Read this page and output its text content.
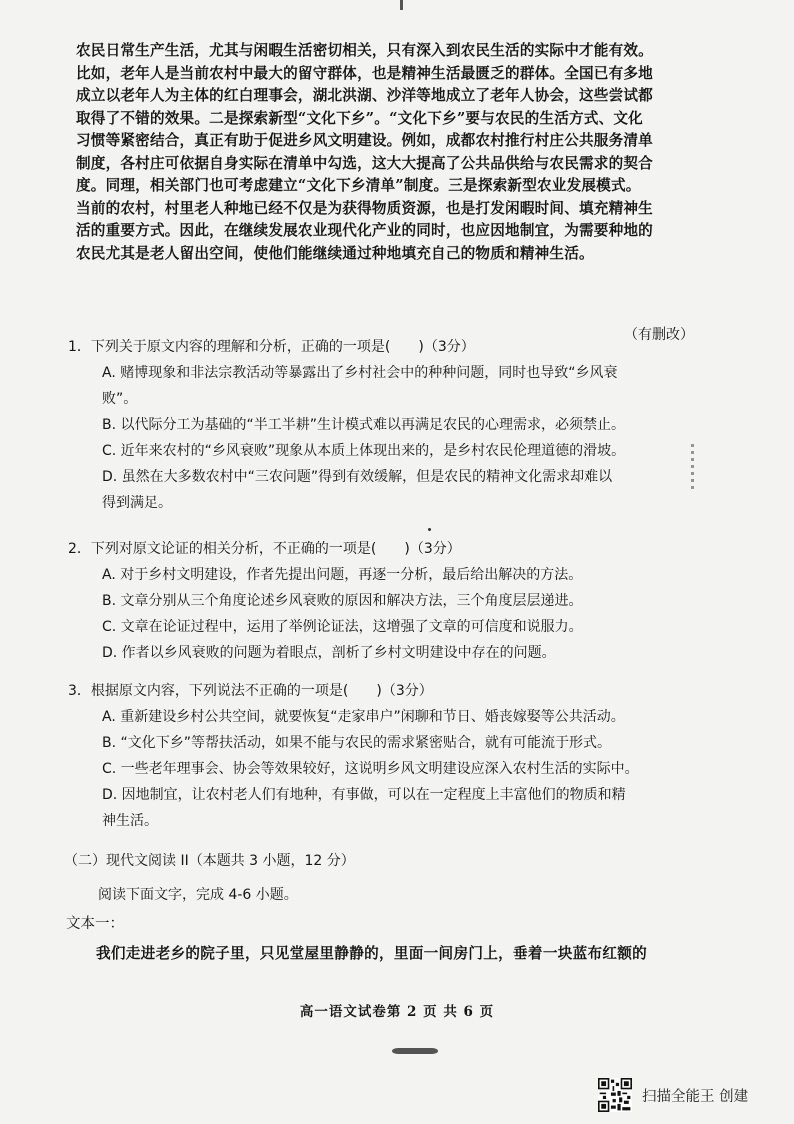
农民日常生产生活，尤其与闲暇生活密切相关，只有深入到农民生活的实际中才能有效。
比如，老年人是当前农村中最大的留守群体，也是精神生活最匮乏的群体。全国已有多地
成立以老年人为主体的红白理事会，湖北洪湖、沙洋等地成立了老年人协会，这些尝试都
取得了不错的效果。二是探索新型“文化下乡”。“文化下乡”要与农民的生活方式、文化
习惯等紧密结合，真正有助于促进乡风文明建设。例如，成都农村推行村庄公共服务清单
制度，各村庄可依据自身实际在清单中勾选，这大大提高了公共品供给与农民需求的契合
度。同理，相关部门也可考虑建立“文化下乡清单”制度。三是探索新型农业发展模式。
当前的农村，村里老人种地已经不仅是为获得物质资源，也是打发闲暇时间、填充精神生
活的重要方式。因此，在继续发展农业现代化产业的同时，也应因地制宜，为需要种地的
农民尤其是老人留出空间，使他们能继续通过种地填充自己的物质和精神生活。
（有删改）
1．下列关于原文内容的理解和分析，正确的一项是(　　)（3分）
A. 赌博现象和非法宗教活动等暴露出了乡村社会中的种种问题，同时也导致“乡风衰
败”。
B. 以代际分工为基础的“半工半耕”生计模式难以再满足农民的心理需求，必须禁止。
C. 近年来农村的“乡风衰败”现象从本质上体现出来的，是乡村农民伦理道德的滑坡。
D. 虽然在大多数农村中“三农问题”得到有效缓解，但是农民的精神文化需求却难以
得到满足。
2．下列对原文论证的相关分析，不正确的一项是(　　)（3分）
A. 对于乡村文明建设，作者先提出问题，再逐一分析，最后给出解决的方法。
B. 文章分别从三个角度论述乡风衰败的原因和解决方法，三个角度层层递进。
C. 文章在论证过程中，运用了举例论证法，这增强了文章的可信度和说服力。
D. 作者以乡风衰败的问题为着眼点，剖析了乡村文明建设中存在的问题。
3．根据原文内容，下列说法不正确的一项是(　　)（3分）
A. 重新建设乡村公共空间，就要恢复“走家串户”闲聊和节日、婚丧嫁娶等公共活动。
B. “文化下乡”等帮扶活动，如果不能与农民的需求紧密贴合，就有可能流于形式。
C. 一些老年理事会、协会等效果较好，这说明乡风文明建设应深入农村生活的实际中。
D. 因地制宜，让农村老人们有地种，有事做，可以在一定程度上丰富他们的物质和精
神生活。
（二）现代文阅读 II（本题共 3 小题，12 分）
阅读下面文字，完成 4-6 小题。
文本一：
我们走进老乡的院子里，只见堂屋里静静的，里面一间房门上，垂着一块蓝布红额的
高一语文试卷第 2 页 共 6 页
扫描全能王 创建
